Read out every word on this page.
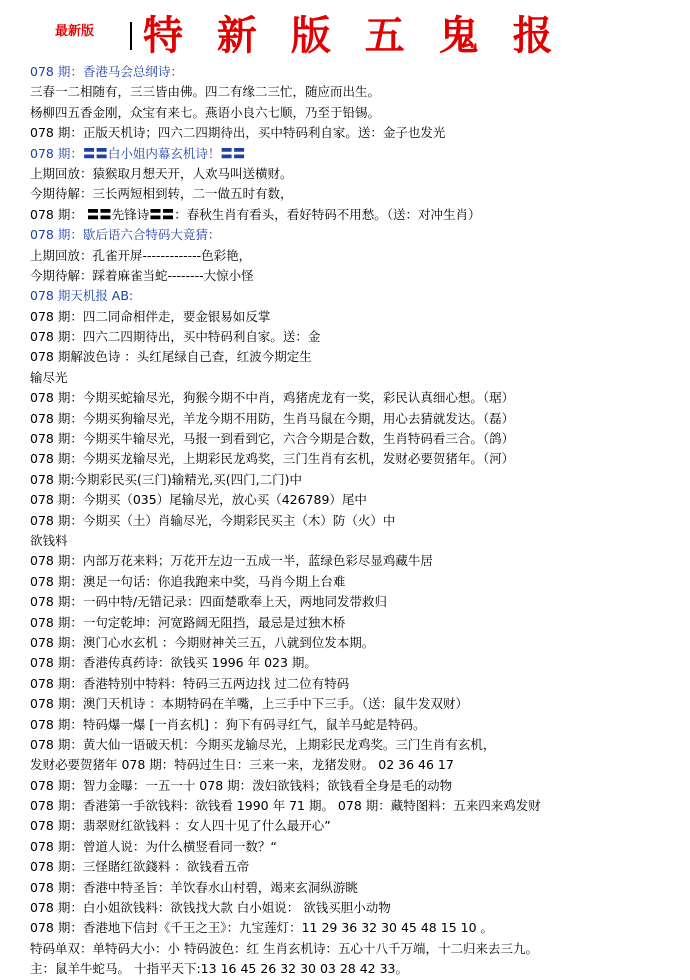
最新版 特 新 版 五 鬼 报
078 期：香港马会总纲诗：
三春一二相随有，三三皆由佛。四二有缘二三忙，随应而出生。
杨柳四五香金刚，众宝有来七。燕语小良六七顺，乃至于铅锡。
078 期：正版天机诗；四六二四期待出，买中特码利自家。送：金子也发光
078 期：〓〓白小姐内幕玄机诗！〓〓
上期回放：猿猴取月想天开，人欢马叫送横财。
今期待解：三长两短相到转，二一做五时有数，
078 期： 〓〓先锋诗〓〓：春秋生肖有看头，看好特码不用愁。（送：对冲生肖）
078 期：歇后语六合特码大竟猜：
上期回放：孔雀开屏-------------色彩艳，
今期待解：踩着麻雀当蛇--------大惊小怪
078 期天机报 AB:
078 期：四二同命相伴走，要金银易如反掌
078 期：四六二四期待出，买中特码利自家。送：金
078 期解波色诗 ：头红尾绿自己查，红波今期定生
输尽光
078 期：今期买蛇输尽光，狗猴今期不中肖，鸡猪虎龙有一奖，彩民认真细心想。（琚）
078 期：今期买狗输尽光，羊龙今期不用防，生肖马鼠在今期，用心去猜就发达。（磊）
078 期：今期买牛输尽光，马报一到看到它，六合今期是合数，生肖特码看三合。（鸽）
078 期：今期买龙输尽光，上期彩民龙鸡奖，三门生肖有玄机，发财必要贺猪年。（河）
078 期:今期彩民买(三门)输精光,买(四门,二门)中
078 期：今期买（035）尾输尽光，放心买（426789）尾中
078 期：今期买（土）肖输尽光，今期彩民买主（木）防（火）中
欲钱料
078 期：内部万花来料；万花开左边一五成一半，蓝绿色彩尽显鸡藏牛居
078 期：澳足一句话：你追我跑来中奖，马肖今期上台难
078 期：一码中特/无错记录：四面楚歌奉上天，两地同发带救归
078 期：一句定乾坤：河宽路阔无阻挡，最忌是过独木桥
078 期：澳门心水玄机 ：今期财神关三五，八就到位发本期。
078 期：香港传真药诗：欲钱买 1996 年 023 期。
078 期：香港特别中特料：特码三五两边找 过二位有特码
078 期：澳门天机诗 ：本期特码在羊嘴，上三手中下三手。（送：鼠牛发双财）
078 期：特码爆一爆 [一肖玄机] ：狗下有码寻红气，鼠羊马蛇是特码。
078 期：黄大仙一语破天机：今期买龙输尽光，上期彩民龙鸡奖。三门生肖有玄机，
发财必要贺猪年 078 期：特码过生日：三来一来，龙猪发财。 02 36 46 17
078 期：智力金曝：一五一十 078 期：泼妇欲钱料；欲钱看全身是毛的动物
078 期：香港第一手欲钱料：欲钱看 1990 年 71 期。 078 期：藏特图料：五来四来鸡发财
078 期：翡翠财红欲钱料 ：女人四十见了什么最开心”
078 期：曾道人说：为什么横竖看同一数？“
078 期：三怪賭红欲錢料 ：欲钱看五帝
078 期：香港中特圣旨：羊饮春水山村碧，竭来玄洞纵游眺
078 期：白小姐欲钱料：欲钱找大款 白小姐说： 欲钱买胆小动物
078 期：香港地下信封《千王之王》：九宝莲灯：11 29 36 32 30 45 48 15 10 。
特码单双：单特码大小：小 特码波色：红 生肖玄机诗：五心十八千万端，十二归来去三九。
主：鼠羊牛蛇马。 十指平天下:13 16 45 26 32 30 03 28 42 33。
